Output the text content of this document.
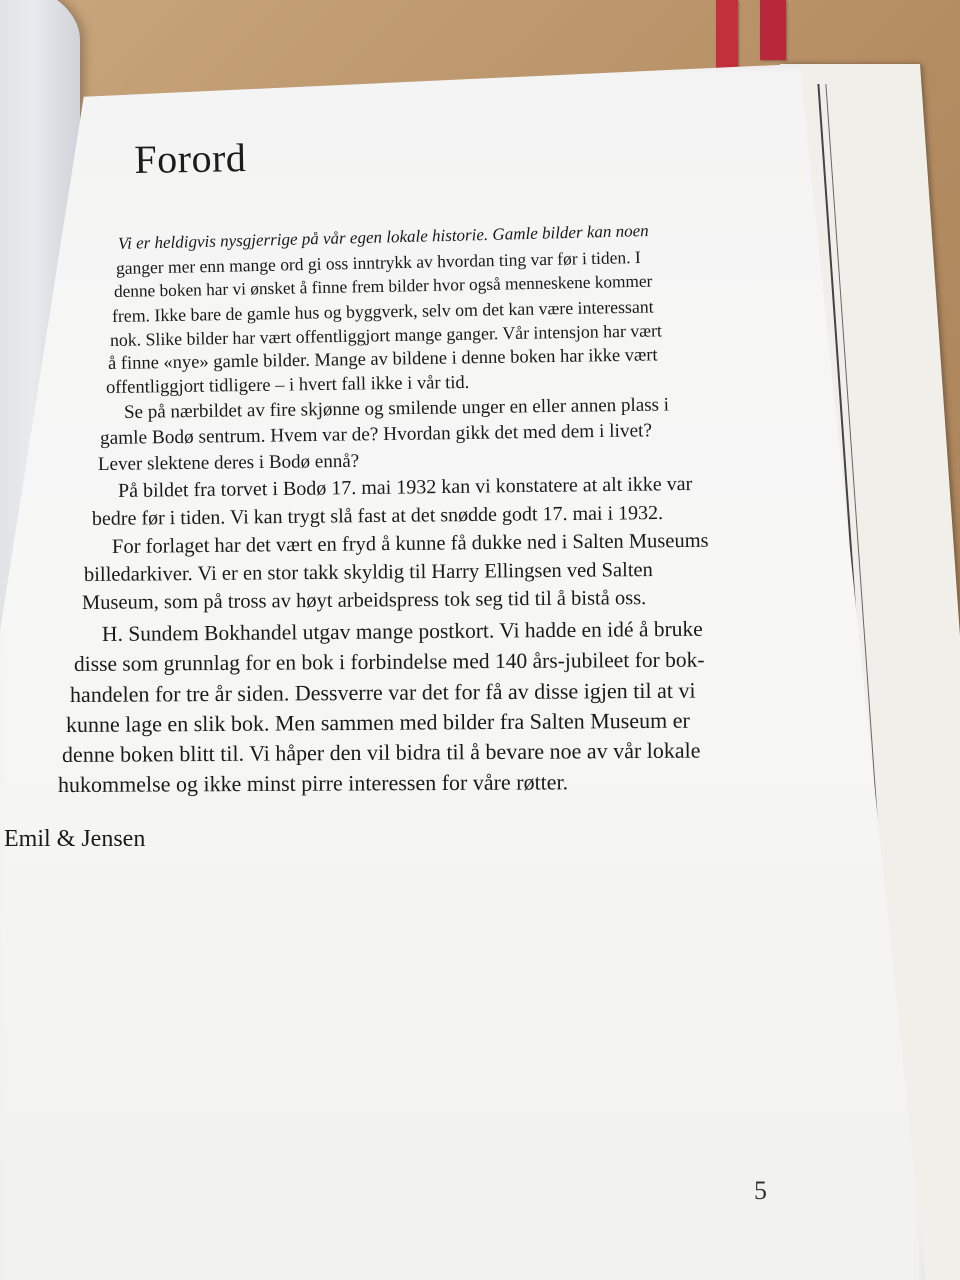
Forord
Vi er heldigvis nysgjerrige på vår egen lokale historie. Gamle bilder kan noen
ganger mer enn mange ord gi oss inntrykk av hvordan ting var før i tiden. I
denne boken har vi ønsket å finne frem bilder hvor også menneskene kommer
frem. Ikke bare de gamle hus og byggverk, selv om det kan være interessant
nok. Slike bilder har vært offentliggjort mange ganger. Vår intensjon har vært
å finne «nye» gamle bilder. Mange av bildene i denne boken har ikke vært
offentliggjort tidligere – i hvert fall ikke i vår tid.
Se på nærbildet av fire skjønne og smilende unger en eller annen plass i
gamle Bodø sentrum. Hvem var de? Hvordan gikk det med dem i livet?
Lever slektene deres i Bodø ennå?
På bildet fra torvet i Bodø 17. mai 1932 kan vi konstatere at alt ikke var
bedre før i tiden. Vi kan trygt slå fast at det snødde godt 17. mai i 1932.
For forlaget har det vært en fryd å kunne få dukke ned i Salten Museums
billedarkiver. Vi er en stor takk skyldig til Harry Ellingsen ved Salten
Museum, som på tross av høyt arbeidspress tok seg tid til å bistå oss.
H. Sundem Bokhandel utgav mange postkort. Vi hadde en idé å bruke
disse som grunnlag for en bok i forbindelse med 140 års-jubileet for bok-
handelen for tre år siden. Dessverre var det for få av disse igjen til at vi
kunne lage en slik bok. Men sammen med bilder fra Salten Museum er
denne boken blitt til. Vi håper den vil bidra til å bevare noe av vår lokale
hukommelse og ikke minst pirre interessen for våre røtter.
Emil & Jensen
5
